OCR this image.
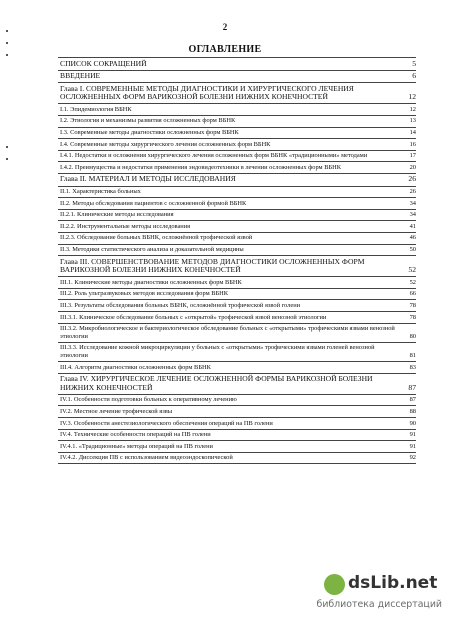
2
ОГЛАВЛЕНИЕ
СПИСОК СОКРАЩЕНИЙ	5
ВВЕДЕНИЕ	6
Глава I. СОВРЕМЕННЫЕ МЕТОДЫ ДИАГНОСТИКИ И ХИРУРГИЧЕСКОГО ЛЕЧЕНИЯ ОСЛОЖНЕННЫХ ФОРМ ВАРИКОЗНОЙ БОЛЕЗНИ НИЖНИХ КОНЕЧНОСТЕЙ	12
I.1. Эпидемиология ВБНК	12
I.2. Этиология и механизмы развития осложненных форм ВБНК	13
I.3. Современные методы диагностики осложненных форм ВБНК	14
I.4. Современные методы хирургического лечения осложненных форм ВБНК	16
I.4.1. Недостатки и осложнения хирургического лечения осложненных форм ВБНК «традиционными» методами	17
I.4.2. Преимущества и недостатки применения эндовидеотехники в лечении осложненных форм ВБНК	20
Глава II. МАТЕРИАЛ И МЕТОДЫ ИССЛЕДОВАНИЯ	26
II.1. Характеристика больных	26
II.2. Методы обследования пациентов с осложненной формой ВБНК	34
II.2.1. Клинические методы исследования	34
II.2.2. Инструментальные методы исследования	41
II.2.3. Обследование больных ВБНК, осложнённой трофической язвой	46
II.3. Методики статистического анализа и доказательной медицины	50
Глава III. СОВЕРШЕНСТВОВАНИЕ МЕТОДОВ ДИАГНОСТИКИ ОСЛОЖНЕННЫХ ФОРМ ВАРИКОЗНОЙ БОЛЕЗНИ НИЖНИХ КОНЕЧНОСТЕЙ	52
III.1. Клинические методы диагностики осложненных форм ВБНК	52
III.2. Роль ультразвуковых методов исследования форм ВБНК	66
III.3. Результаты обследования больных ВБНК, осложнённой трофической язвой голени	78
III.3.1. Клиническое обследование больных с «открытой» трофической язвой венозной этиологии	78
III.3.2. Микробиологическое и бактериологическое обследование больных с «открытыми» трофическими язвами венозной этиологии	80
III.3.3. Исследование кожной микроциркуляции у больных с «открытыми» трофическими язвами голеней венозной этиологии	81
III.4. Алгоритм диагностики осложненных форм ВБНК	83
Глава IV. ХИРУРГИЧЕСКОЕ ЛЕЧЕНИЕ ОСЛОЖНЕННОЙ ФОРМЫ ВАРИКОЗНОЙ БОЛЕЗНИ НИЖНИХ КОНЕЧНОСТЕЙ	87
IV.1. Особенности подготовки больных к оперативному лечению	87
IV.2. Местное лечение трофической язвы	88
IV.3. Особенности анестезиологического обеспечения операций на ПВ голени	90
IV.4. Технические особенности операций на ПВ голени	91
IV.4.1. «Традиционные» методы операций на ПВ голени	91
IV.4.2. Диссекция ПВ с использованием видеоэндоскопической	92
dsLib.net
библиотека диссертаций
